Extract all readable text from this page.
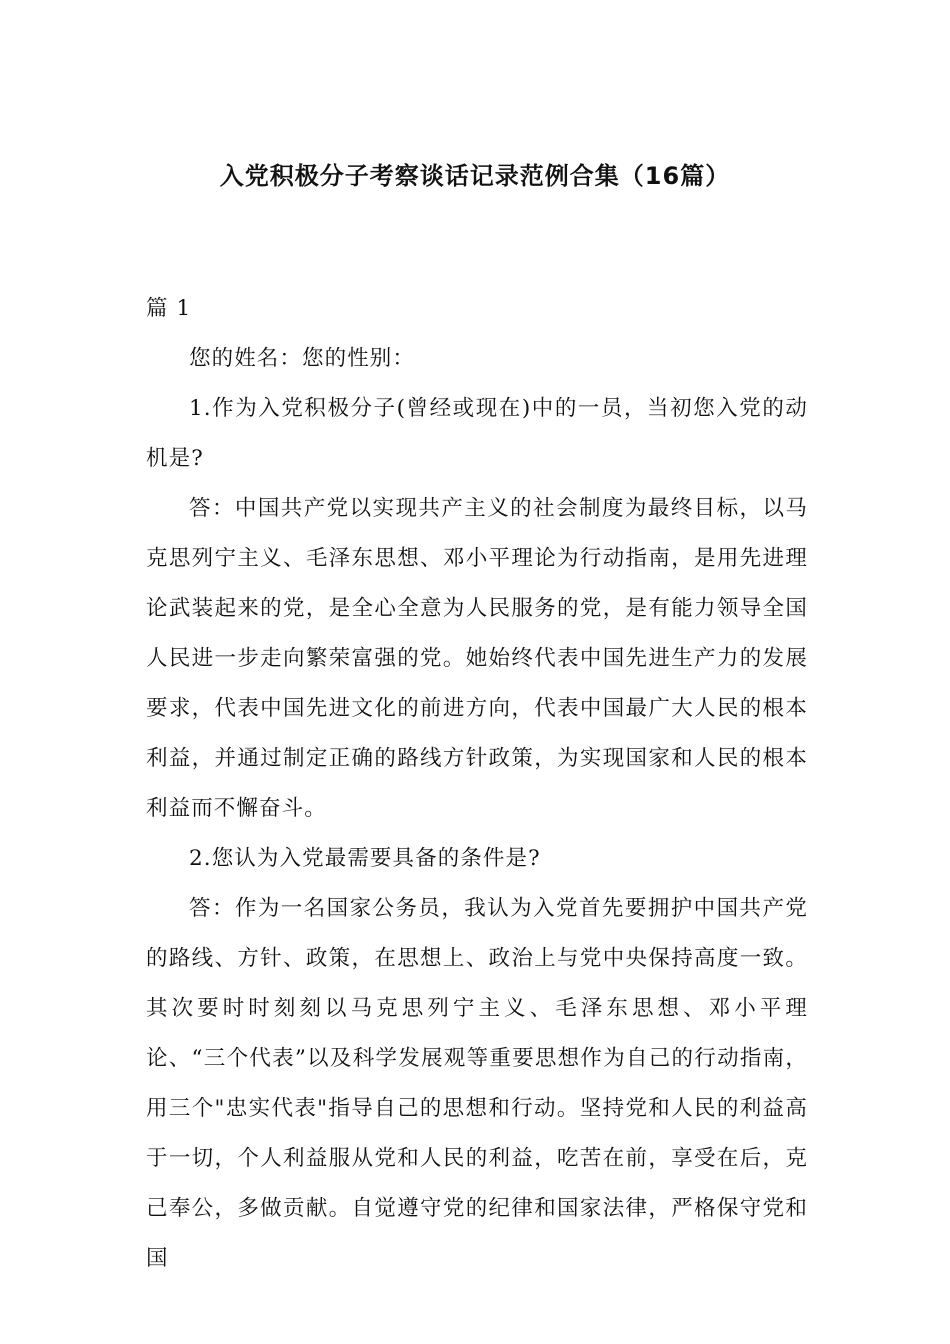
入党积极分子考察谈话记录范例合集（16篇）

篇 1

您的姓名：您的性别：

1.作为入党积极分子(曾经或现在)中的一员，当初您入党的动机是?

答：中国共产党以实现共产主义的社会制度为最终目标，以马克思列宁主义、毛泽东思想、邓小平理论为行动指南，是用先进理论武装起来的党，是全心全意为人民服务的党，是有能力领导全国人民进一步走向繁荣富强的党。她始终代表中国先进生产力的发展要求，代表中国先进文化的前进方向，代表中国最广大人民的根本利益，并通过制定正确的路线方针政策，为实现国家和人民的根本利益而不懈奋斗。

2.您认为入党最需要具备的条件是?

答：作为一名国家公务员，我认为入党首先要拥护中国共产党的路线、方针、政策，在思想上、政治上与党中央保持高度一致。其次要时时刻刻以马克思列宁主义、毛泽东思想、邓小平理论、“三个代表”以及科学发展观等重要思想作为自己的行动指南，用三个"忠实代表"指导自己的思想和行动。坚持党和人民的利益高于一切，个人利益服从党和人民的利益，吃苦在前，享受在后，克己奉公，多做贡献。自觉遵守党的纪律和国家法律，严格保守党和国
